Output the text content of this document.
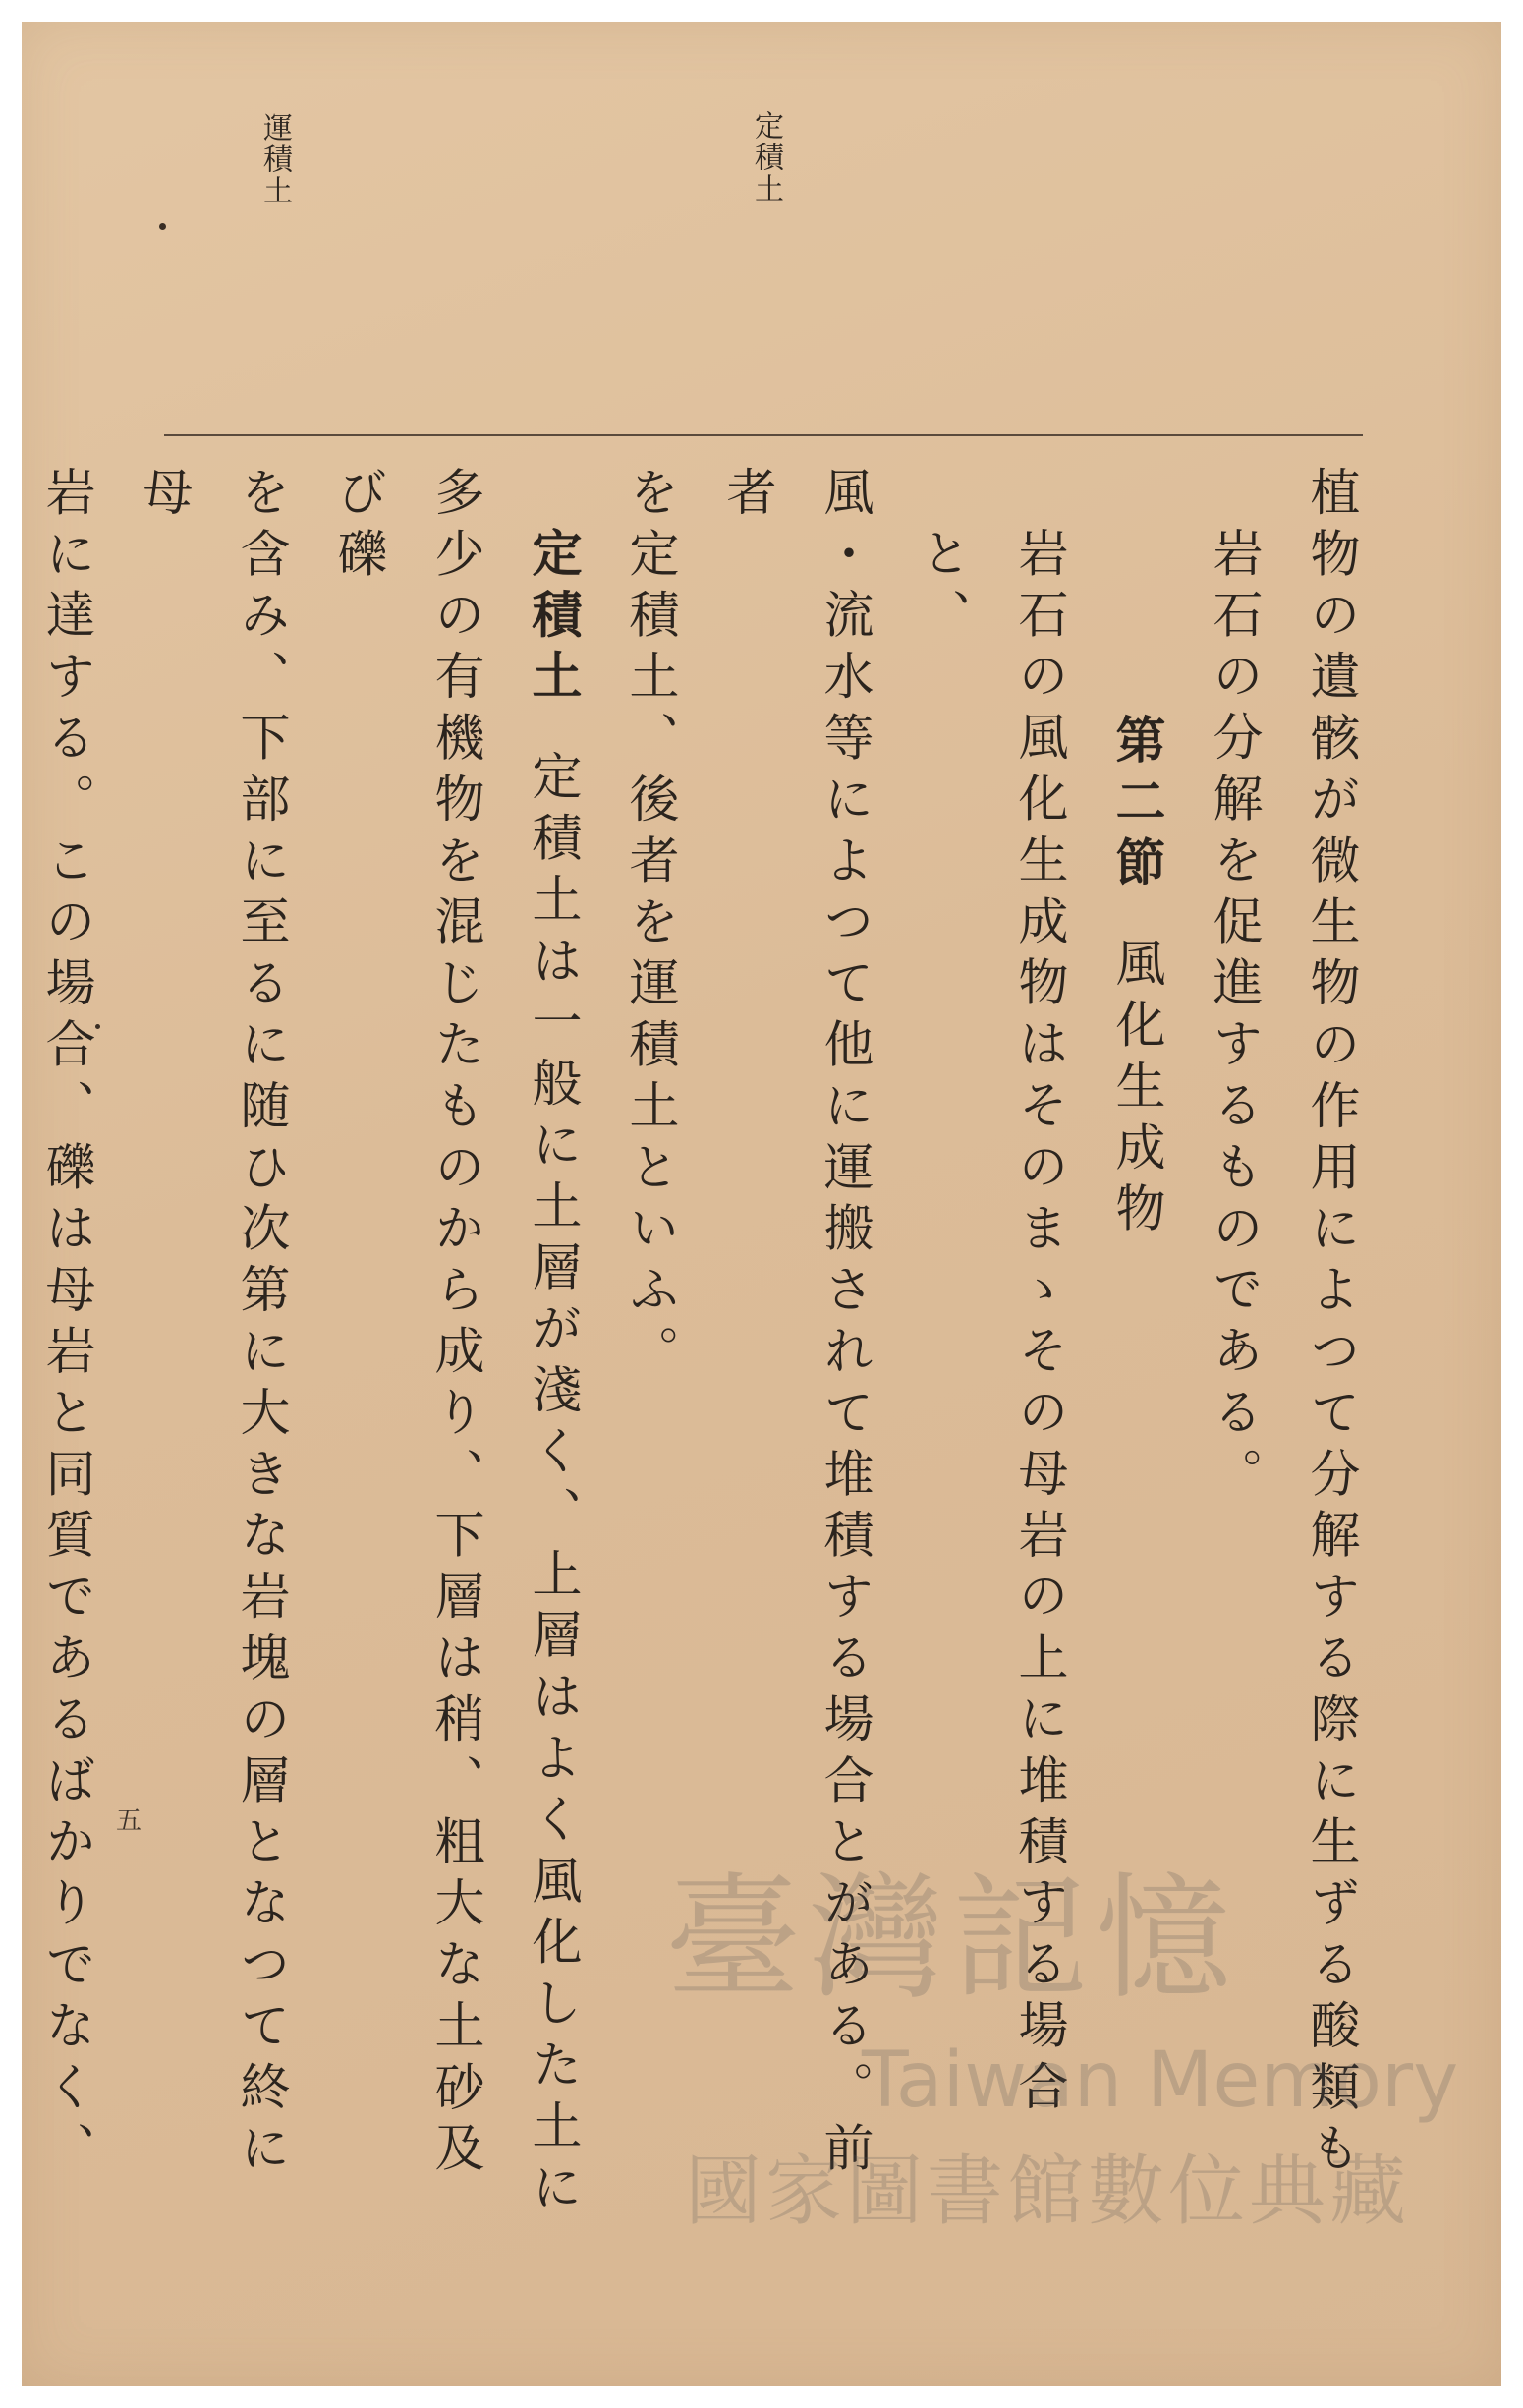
定積土
運積土

植物の遺骸が微生物の作用によつて分解する際に生ずる酸類も

岩石の分解を促進するものである。

第二節風化生成物

岩石の風化生成物はそのまゝその母岩の上に堆積する場合と、

風・流水等によつて他に運搬されて堆積する場合とがある。前者

を定積土、後者を運積土といふ。

定積土定積土は一般に土層が淺く、上層はよく風化した土に

多少の有機物を混じたものから成り、下層は稍、粗大な土砂及び礫

を含み、下部に至るに随ひ次第に大きな岩塊の層となつて終に母

岩に達する。この場合、礫は母岩と同質であるばかりでなく、

五
臺灣記憶
Taiwan Memory
國家圖書館數位典藏
